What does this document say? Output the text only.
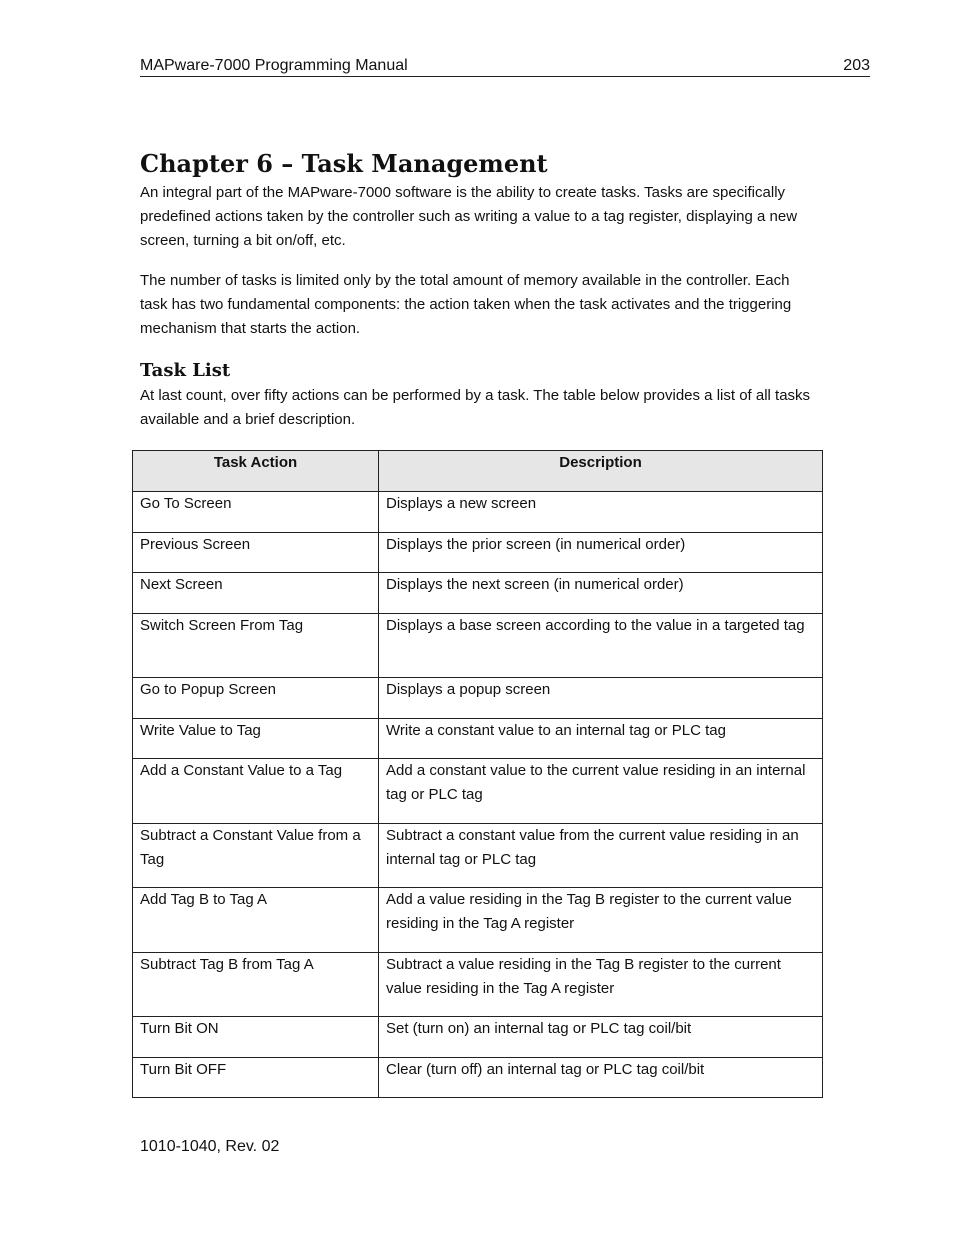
MAPware-7000 Programming Manual	203
Chapter 6 – Task Management

An integral part of the MAPware-7000 software is the ability to create tasks. Tasks are specifically predefined actions taken by the controller such as writing a value to a tag register, displaying a new screen, turning a bit on/off, etc.

The number of tasks is limited only by the total amount of memory available in the controller. Each task has two fundamental components: the action taken when the task activates and the triggering mechanism that starts the action.

Task List

At last count, over fifty actions can be performed by a task. The table below provides a list of all tasks available and a brief description.

Task Action	Description
Go To Screen	Displays a new screen
Previous Screen	Displays the prior screen (in numerical order)
Next Screen	Displays the next screen (in numerical order)
Switch Screen From Tag	Displays a base screen according to the value in a targeted tag
Go to Popup Screen	Displays a popup screen
Write Value to Tag	Write a constant value to an internal tag or PLC tag
Add a Constant Value to a Tag	Add a constant value to the current value residing in an internal tag or PLC tag
Subtract a Constant Value from a Tag	Subtract a constant value from the current value residing in an internal tag or PLC tag
Add Tag B to Tag A	Add a value residing in the Tag B register to the current value residing in the Tag A register
Subtract Tag B from Tag A	Subtract a value residing in the Tag B register to the current value residing in the Tag A register
Turn Bit ON	Set (turn on) an internal tag or PLC tag coil/bit
Turn Bit OFF	Clear (turn off) an internal tag or PLC tag coil/bit
1010-1040, Rev. 02
